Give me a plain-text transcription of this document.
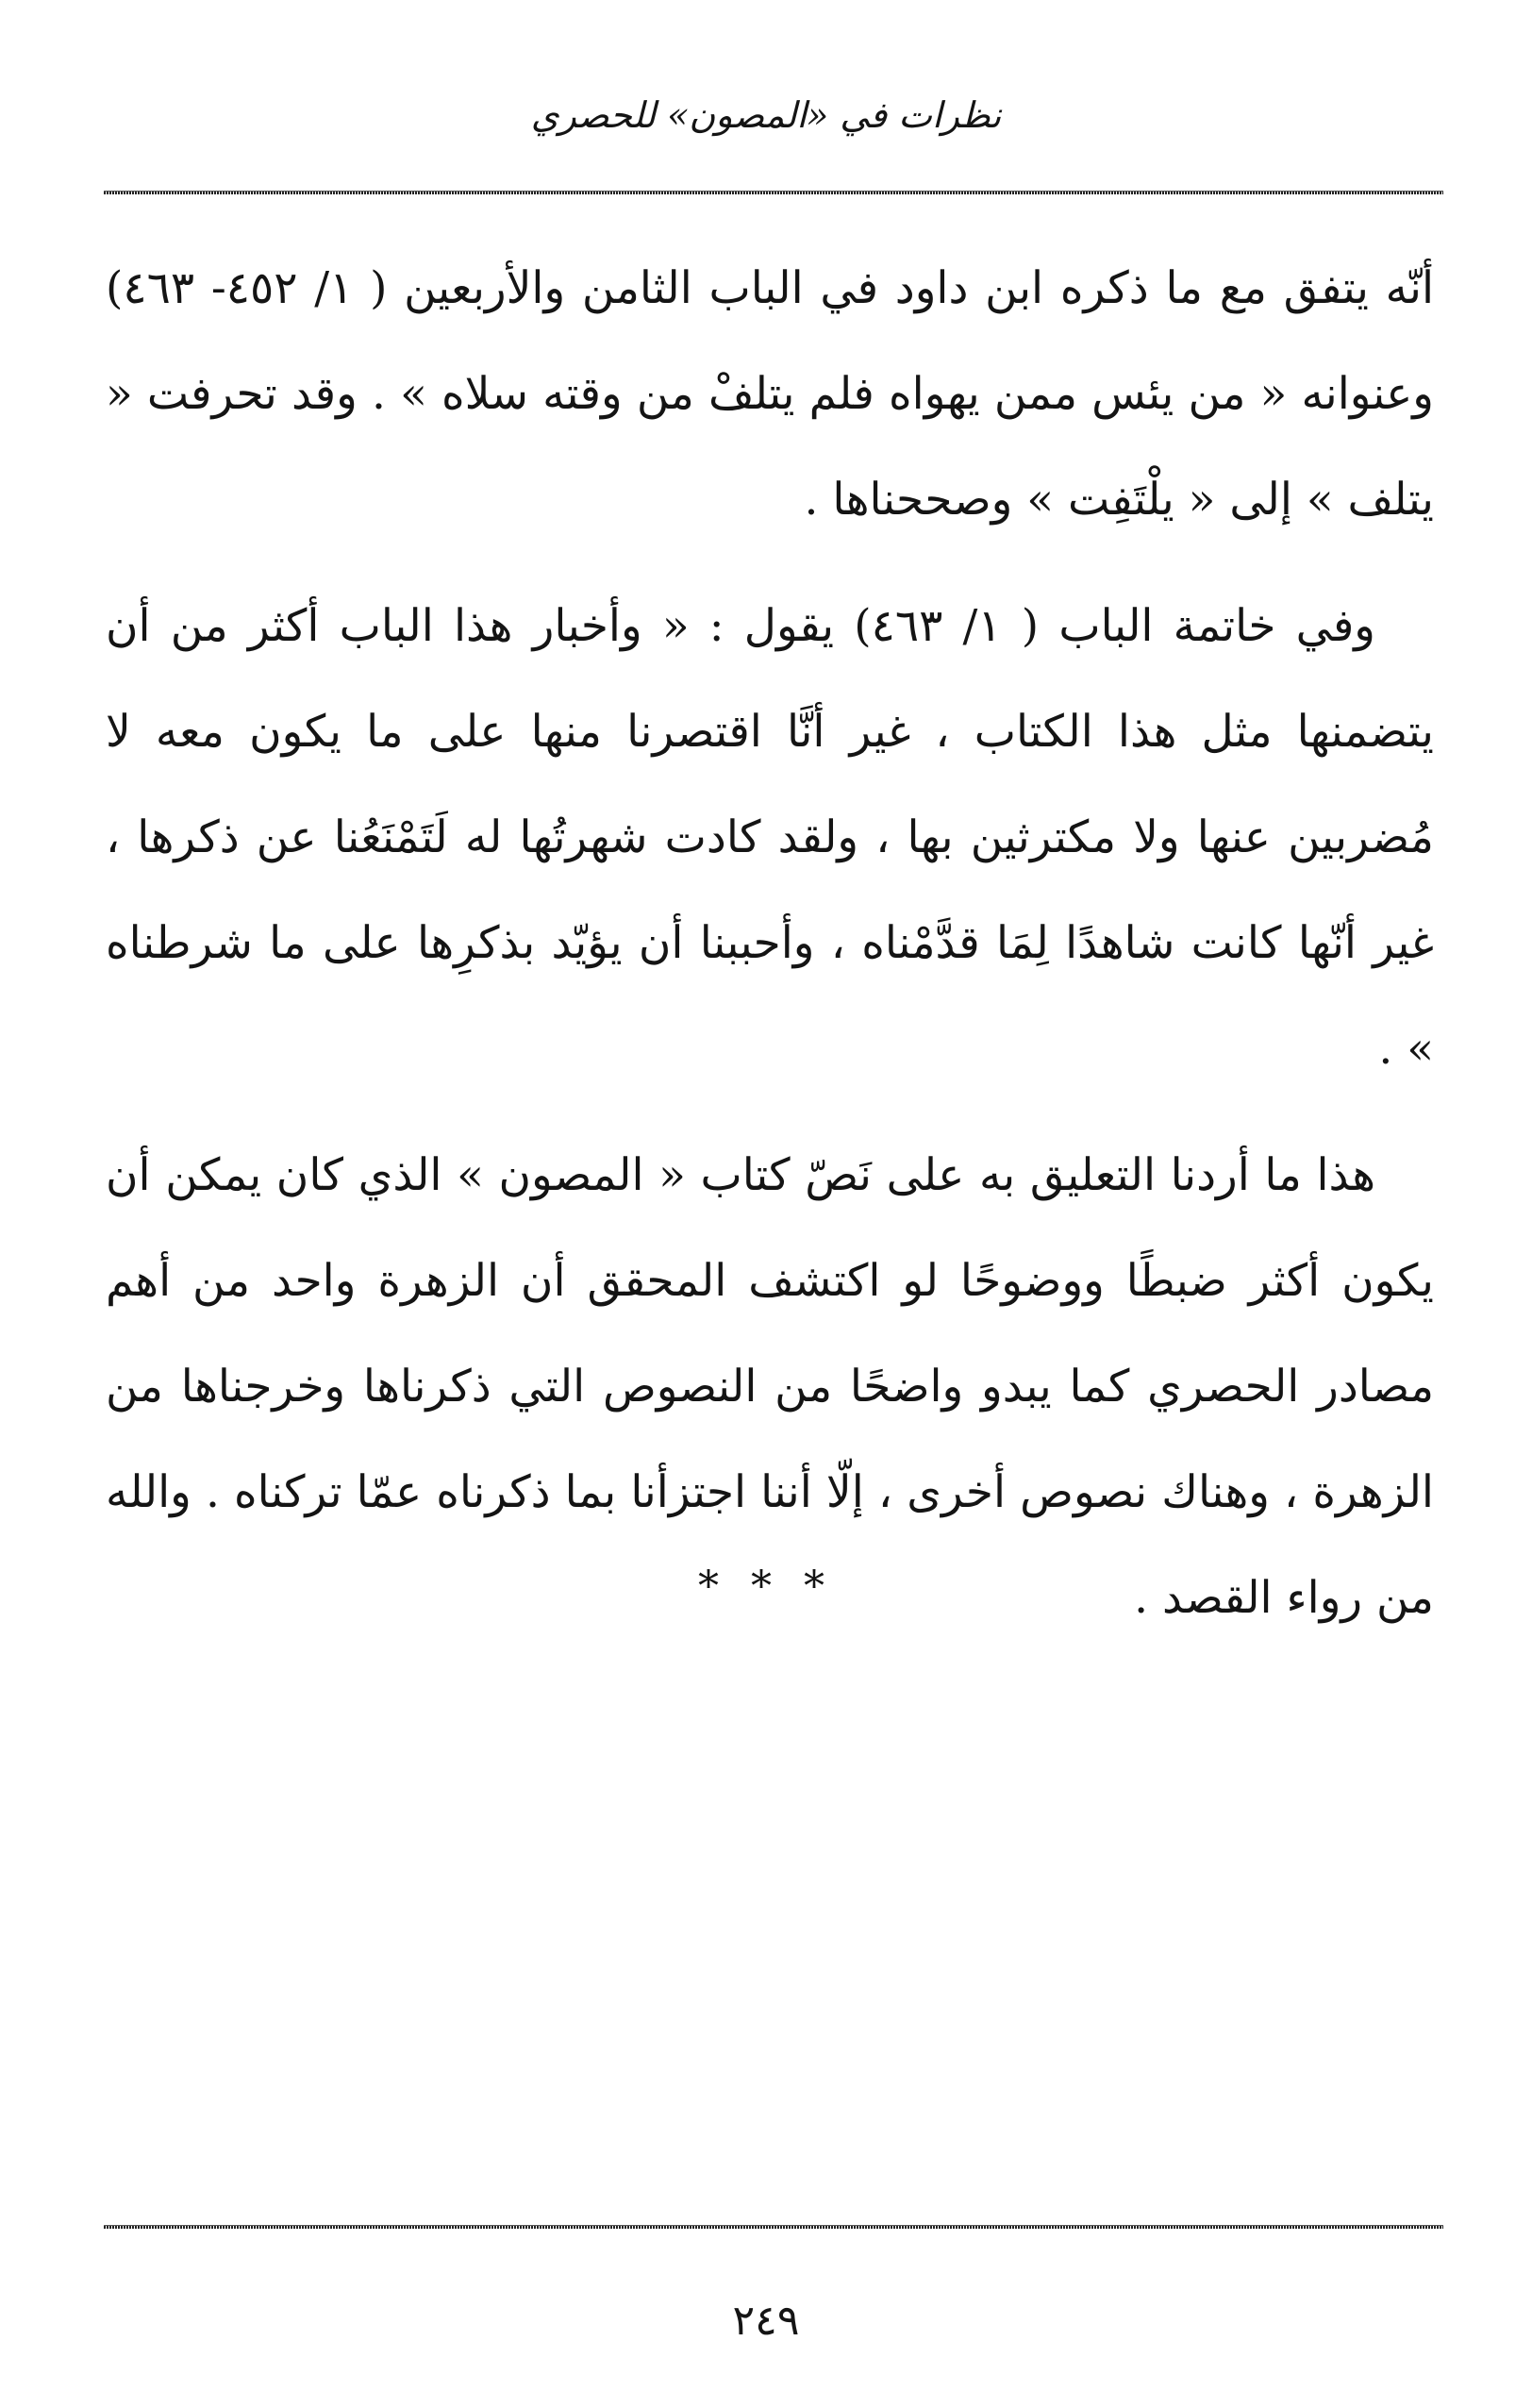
نظرات في «المصون» للحصري

أنّه يتفق مع ما ذكره ابن داود في الباب الثامن والأربعين ( ١/ ٤٥٢- ٤٦٣) وعنوانه « من يئس ممن يهواه فلم يتلفْ من وقته سلاه » . وقد تحرفت « يتلف » إلى « يلْتَفِت » وصححناها .

وفي خاتمة الباب ( ١/ ٤٦٣) يقول : « وأخبار هذا الباب أكثر من أن يتضمنها مثل هذا الكتاب ، غير أنَّا اقتصرنا منها على ما يكون معه لا مُضربين عنها ولا مكترثين بها ، ولقد كادت شهرتُها له لَتَمْنَعُنا عن ذكرها ، غير أنّها كانت شاهدًا لِمَا قدَّمْناه ، وأحببنا أن يؤيّد بذكرِها على ما شرطناه » .

هذا ما أردنا التعليق به على نَصّ كتاب « المصون » الذي كان يمكن أن يكون أكثر ضبطًا ووضوحًا لو اكتشف المحقق أن الزهرة واحد من أهم مصادر الحصري كما يبدو واضحًا من النصوص التي ذكرناها وخرجناها من الزهرة ، وهناك نصوص أخرى ، إلّا أننا اجتزأنا بما ذكرناه عمّا تركناه . والله من رواء القصد .

* * *
٢٤٩
